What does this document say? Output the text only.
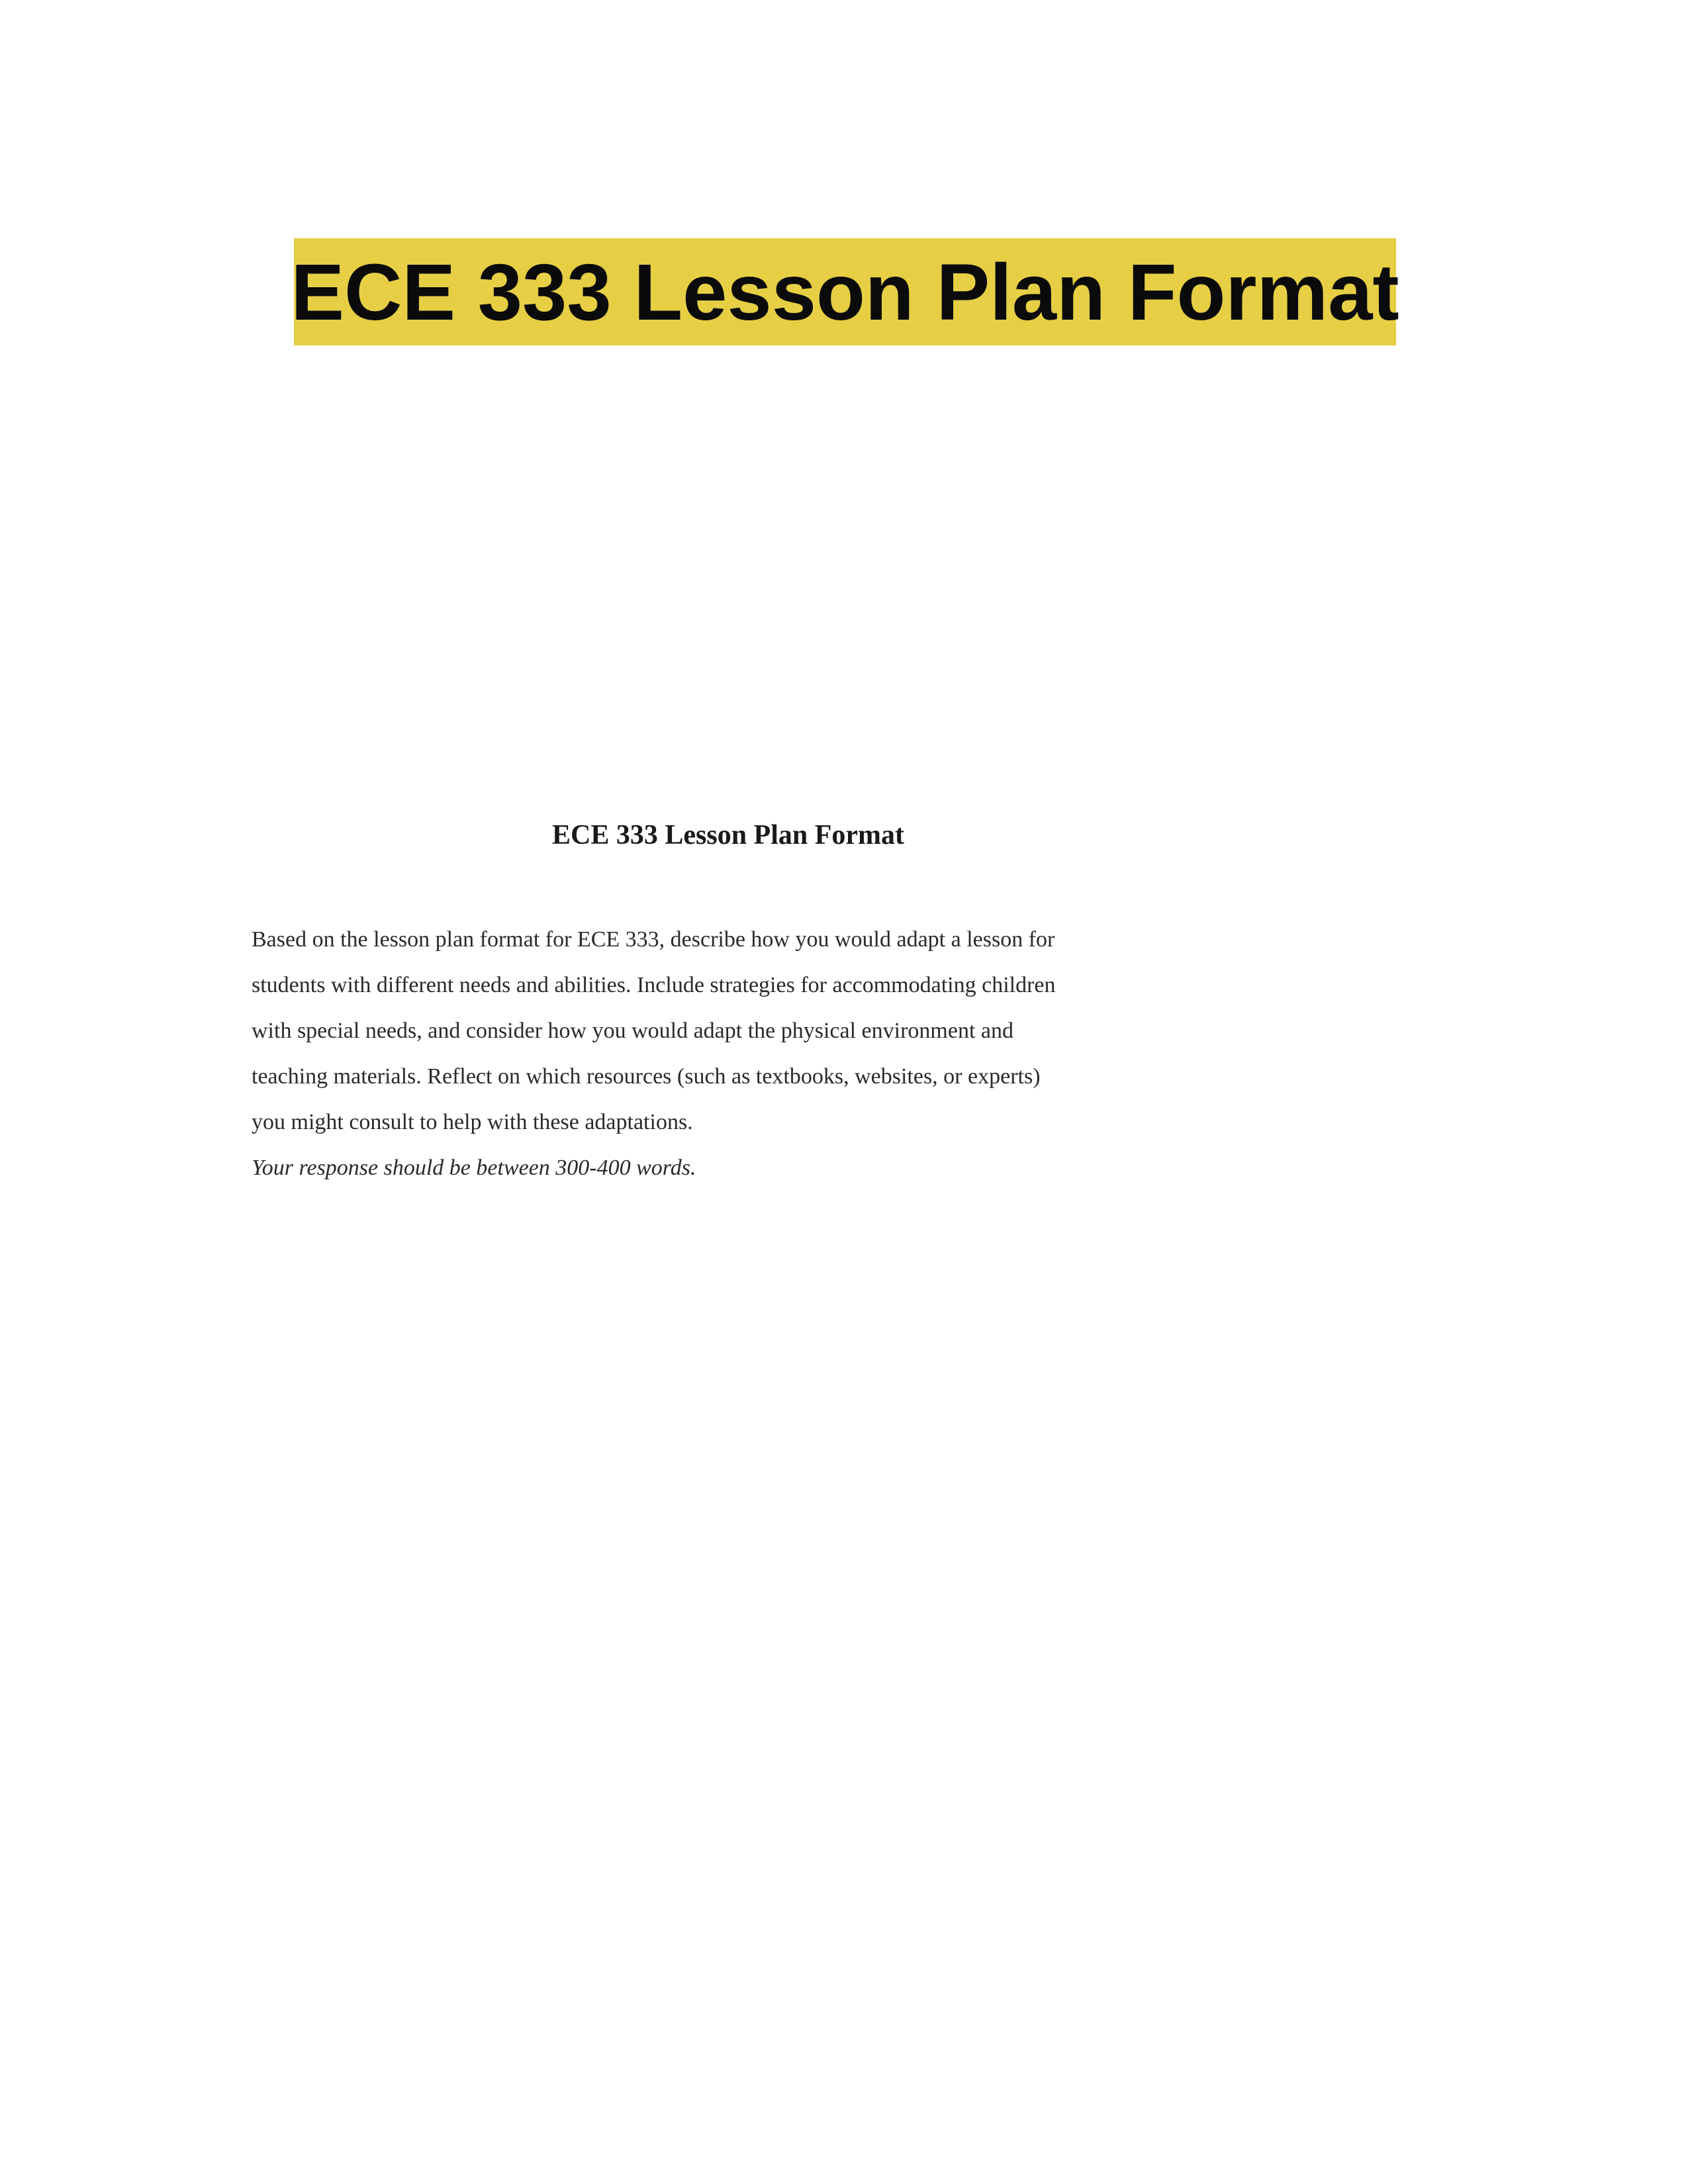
ECE 333 Lesson Plan Format
ECE 333 Lesson Plan Format
Based on the lesson plan format for ECE 333, describe how you would adapt a lesson for
students with different needs and abilities. Include strategies for accommodating children
with special needs, and consider how you would adapt the physical environment and
teaching materials. Reflect on which resources (such as textbooks, websites, or experts)
you might consult to help with these adaptations.
Your response should be between 300-400 words.
